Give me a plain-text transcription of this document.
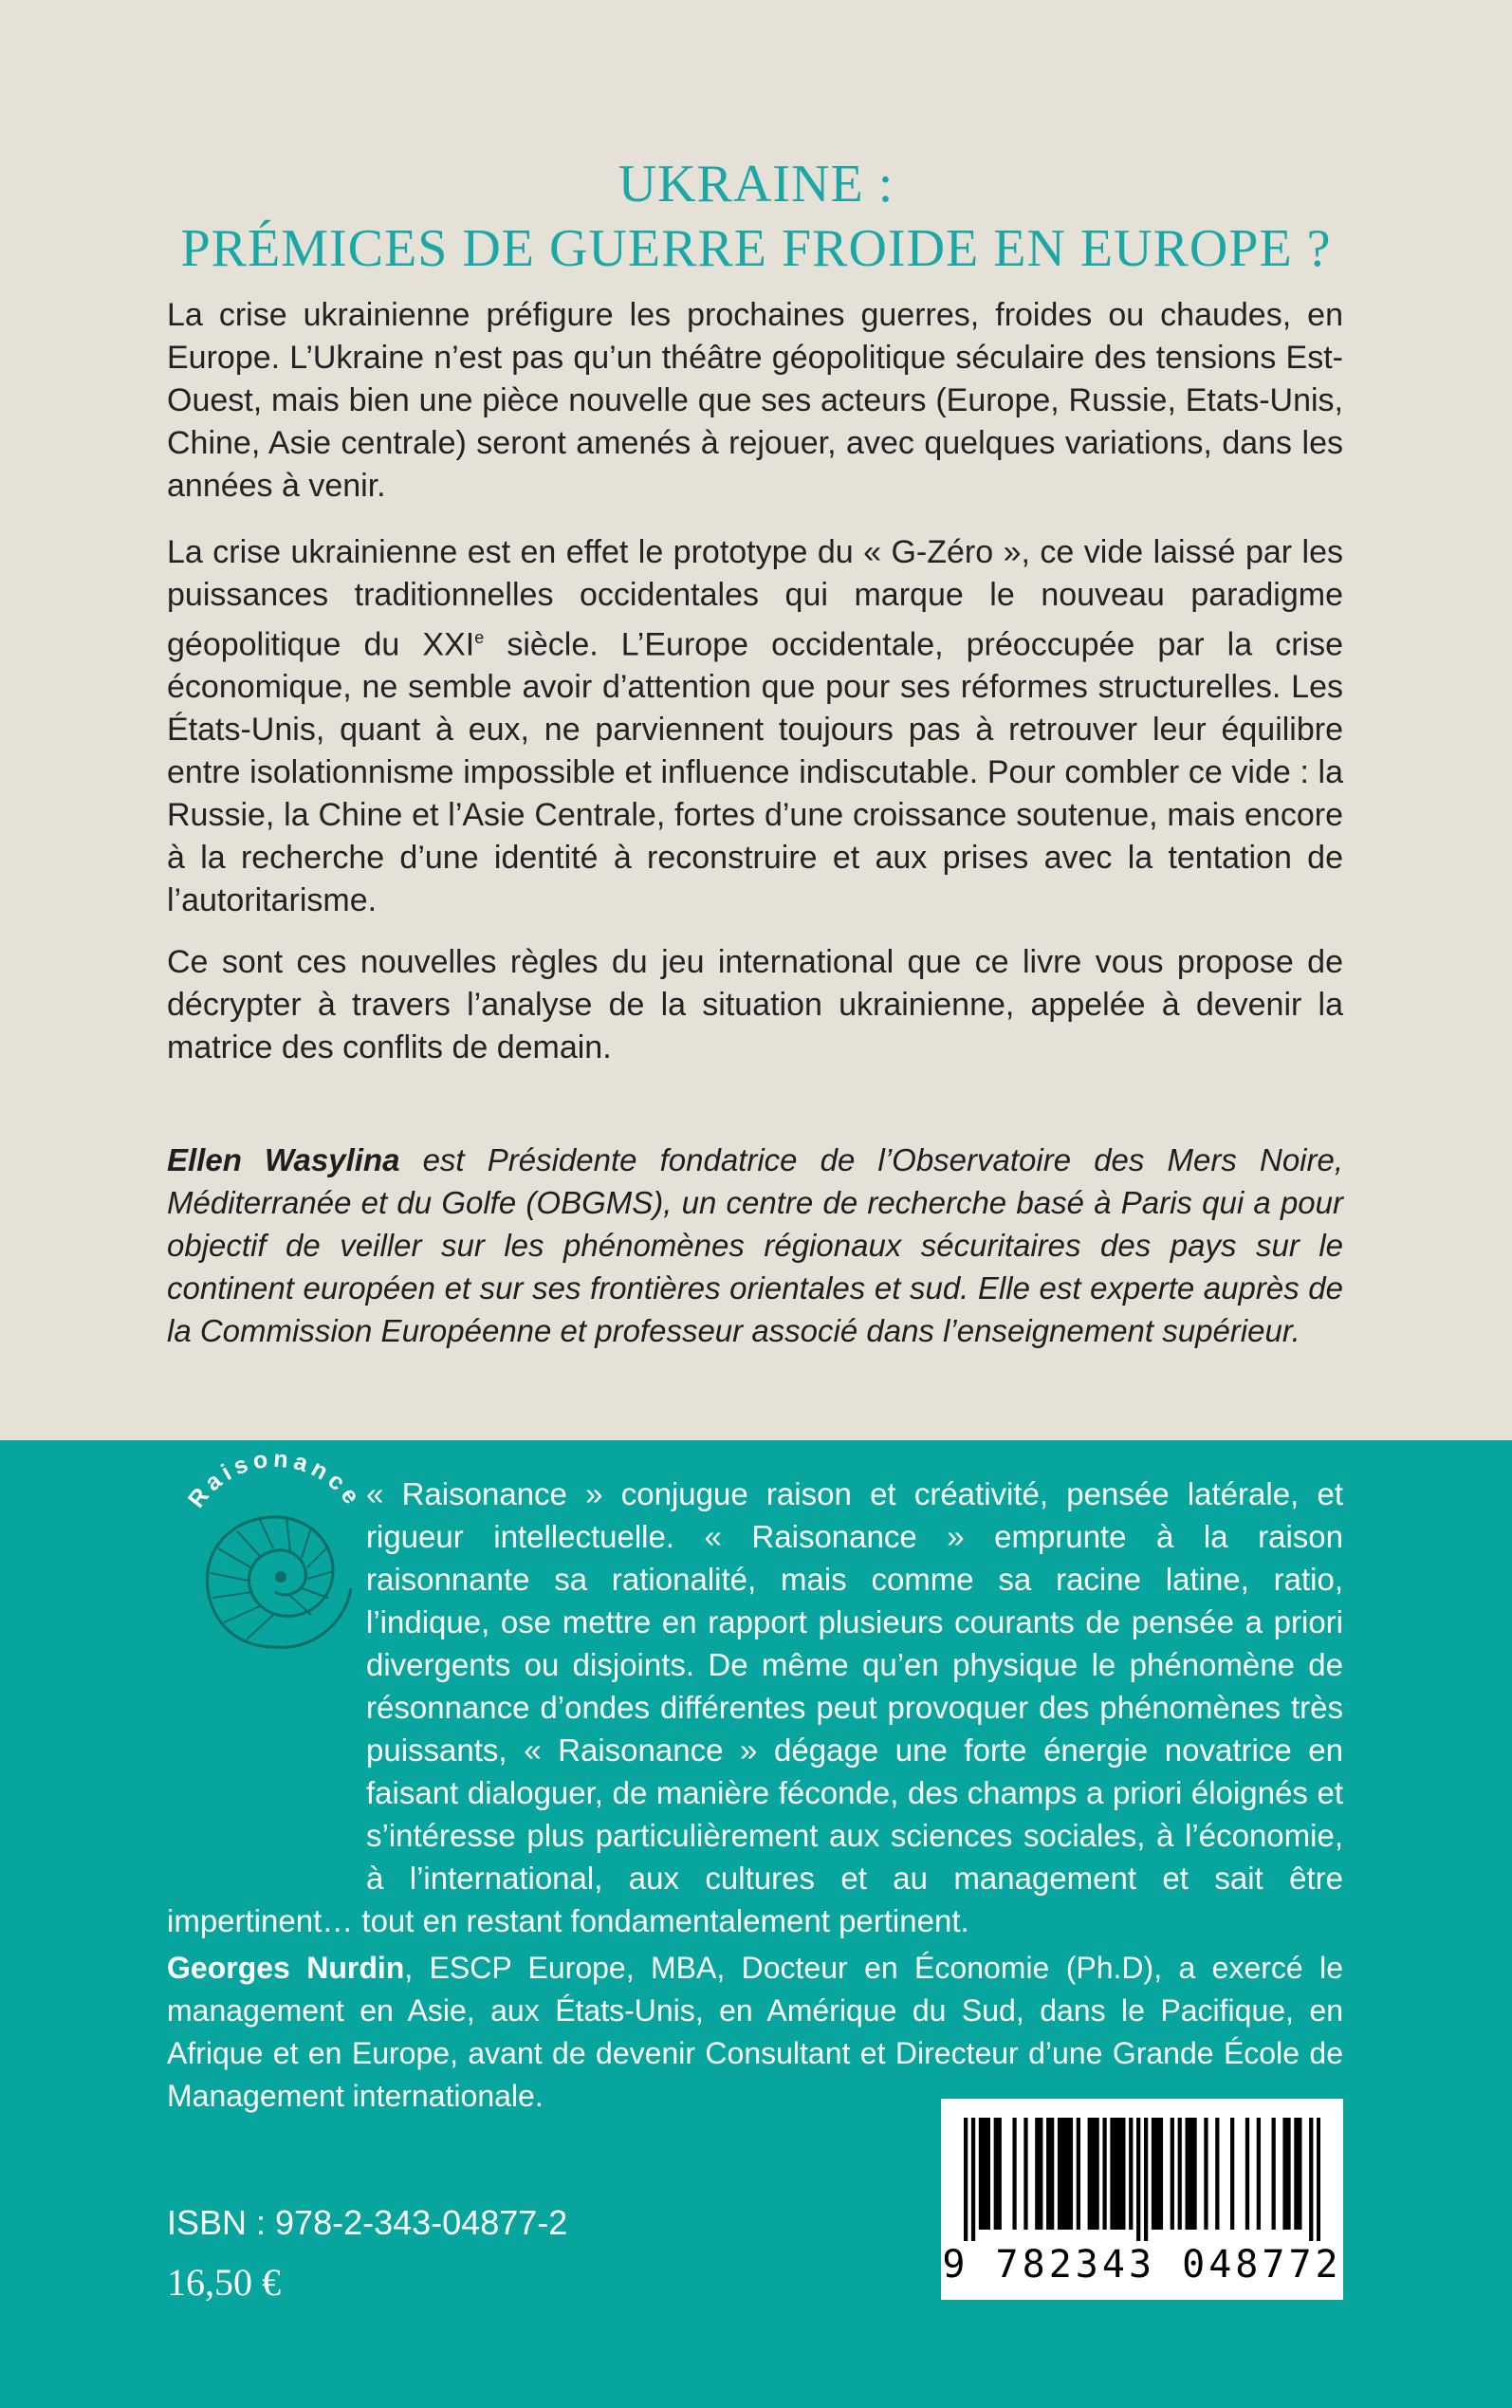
UKRAINE :
PRÉMICES DE GUERRE FROIDE EN EUROPE ?

La crise ukrainienne préfigure les prochaines guerres, froides ou chaudes, en Europe. L’Ukraine n’est pas qu’un théâtre géopolitique séculaire des tensions Est-Ouest, mais bien une pièce nouvelle que ses acteurs (Europe, Russie, Etats-Unis, Chine, Asie centrale) seront amenés à rejouer, avec quelques variations, dans les années à venir.

La crise ukrainienne est en effet le prototype du « G-Zéro », ce vide laissé par les puissances traditionnelles occidentales qui marque le nouveau paradigme géopolitique du XXIe siècle. L’Europe occidentale, préoccupée par la crise économique, ne semble avoir d’attention que pour ses réformes structurelles. Les États-Unis, quant à eux, ne parviennent toujours pas à retrouver leur équilibre entre isolationnisme impossible et influence indiscutable. Pour combler ce vide : la Russie, la Chine et l’Asie Centrale, fortes d’une croissance soutenue, mais encore à la recherche d’une identité à reconstruire et aux prises avec la tentation de l’autoritarisme.

Ce sont ces nouvelles règles du jeu international que ce livre vous propose de décrypter à travers l’analyse de la situation ukrainienne, appelée à devenir la matrice des conflits de demain.

Ellen Wasylina est Présidente fondatrice de l’Observatoire des Mers Noire, Méditerranée et du Golfe (OBGMS), un centre de recherche basé à Paris qui a pour objectif de veiller sur les phénomènes régionaux sécuritaires des pays sur le continent européen et sur ses frontières orientales et sud. Elle est experte auprès de la Commission Européenne et professeur associé dans l’enseignement supérieur.

Raisonance

« Raisonance » conjugue raison et créativité, pensée latérale, et rigueur intellectuelle. « Raisonance » emprunte à la raison raisonnante sa rationalité, mais comme sa racine latine, ratio, l’indique, ose mettre en rapport plusieurs courants de pensée a priori divergents ou disjoints. De même qu’en physique le phénomène de résonnance d’ondes différentes peut provoquer des phénomènes très puissants, « Raisonance » dégage une forte énergie novatrice en faisant dialoguer, de manière féconde, des champs a priori éloignés et s’intéresse plus particulièrement aux sciences sociales, à l’économie, à l’international, aux cultures et au management et sait être impertinent… tout en restant fondamentalement pertinent.

Georges Nurdin, ESCP Europe, MBA, Docteur en Économie (Ph.D), a exercé le management en Asie, aux États-Unis, en Amérique du Sud, dans le Pacifique, en Afrique et en Europe, avant de devenir Consultant et Directeur d’une Grande École de Management internationale.

ISBN : 978-2-343-04877-2
16,50 €	9 782343 048772
